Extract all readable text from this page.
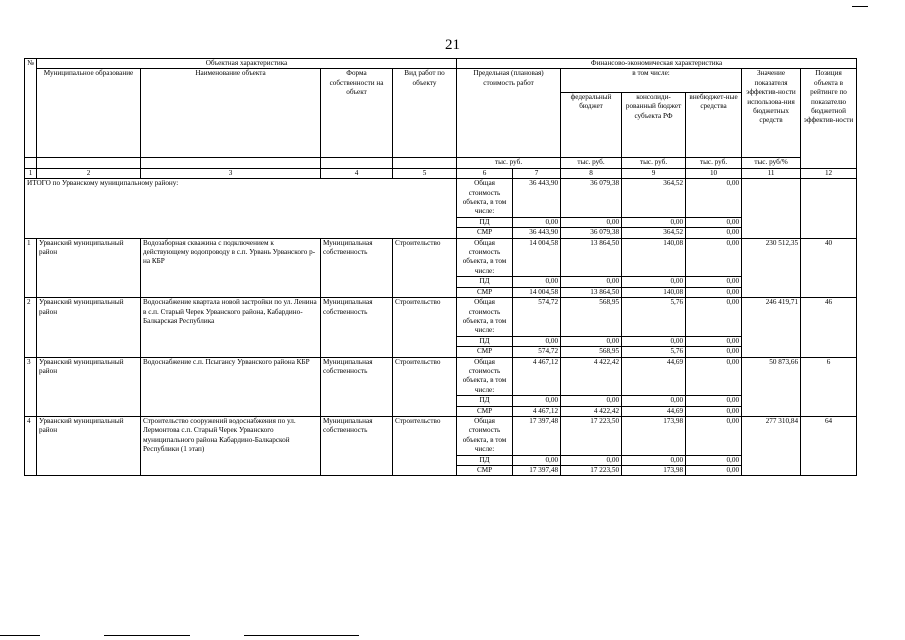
21
№	Объектная характеристика				Финансово-экономическая характеристика						
	Муниципальное образование	Наименование объекта	Форма собственности на объект	Вид работ по объекту	Предельная (плановая) стоимость работ		в том числе:			Значение показателя эффектив-ности использова-ния бюджетных средств	Позиция объекта в рейтинге по показателю бюджетной эффектив-ности
							федеральный бюджет	консолиди-рованный бюджет субъекта РФ	внебюджет-ные средства		
					тыс. руб.		тыс. руб.	тыс. руб.	тыс. руб.	тыс. руб/%	
1	2	3	4	5	6	7	8	9	10	11	12
ИТОГО по Урванскому муниципальному району:					Общая стоимость объекта, в том числе:	36 443,90	36 079,38	364,52	0,00		
					ПД	0,00	0,00	0,00	0,00		
					СМР	36 443,90	36 079,38	364,52	0,00		
1	Урванский муниципальный район	Водозаборная скважина с подключением к действующему водопроводу в с.п. Урвань Урванского р-на КБР	Муниципальная собственность	Строительство	Общая стоимость объекта, в том числе:	14 004,58	13 864,50	140,08	0,00	230 512,35	40
					ПД	0,00	0,00	0,00	0,00		
					СМР	14 004,58	13 864,50	140,08	0,00		
2	Урванский муниципальный район	Водоснабжение квартала новой застройки по ул. Ленина в с.п. Старый Черек Урванского района, Кабардино-Балкарская Республика	Муниципальная собственность	Строительство	Общая стоимость объекта, в том числе:	574,72	568,95	5,76	0,00	246 419,71	46
					ПД	0,00	0,00	0,00	0,00		
					СМР	574,72	568,95	5,76	0,00		
3	Урванский муниципальный район	Водоснабжение с.п. Псыгансу Урванского района КБР	Муниципальная собственность	Строительство	Общая стоимость объекта, в том числе:	4 467,12	4 422,42	44,69	0,00	50 873,66	6
					ПД	0,00	0,00	0,00	0,00		
					СМР	4 467,12	4 422,42	44,69	0,00		
4	Урванский муниципальный район	Строительство сооружений водоснабжения по ул. Лермонтова с.п. Старый Черек Урванского муниципального района Кабардино-Балкарской Республики (1 этап)	Муниципальная собственность	Строительство	Общая стоимость объекта, в том числе:	17 397,48	17 223,50	173,98	0,00	277 310,84	64
					ПД	0,00	0,00	0,00	0,00		
					СМР	17 397,48	17 223,50	173,98	0,00		
